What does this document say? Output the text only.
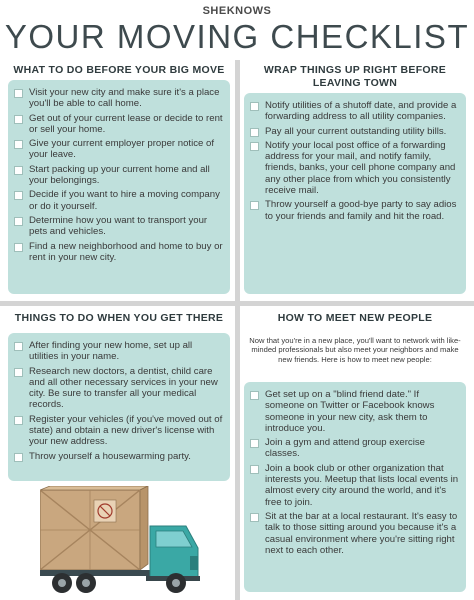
SHEKNOWS
YOUR MOVING CHECKLIST
WHAT TO DO BEFORE YOUR BIG MOVE
Visit your new city and make sure it's a place you'll be able to call home.
Get out of your current lease or decide to rent or sell your home.
Give your current employer proper notice of your leave.
Start packing up your current home and all your belongings.
Decide if you want to hire a moving company or do it yourself.
Determine how you want to transport your pets and vehicles.
Find a new neighborhood and home to buy or rent in your new city.
WRAP THINGS UP RIGHT BEFORE LEAVING TOWN
Notify utilities of a shutoff date, and provide a forwarding address to all utility companies.
Pay all your current outstanding utility bills.
Notify your local post office of a forwarding address for your mail, and notify family, friends, banks, your cell phone company and any other place from which you consistently receive mail.
Throw yourself a good-bye party to say adios to your friends and family and hit the road.
THINGS TO DO WHEN YOU GET THERE
After finding your new home, set up all utilities in your name.
Research new doctors, a dentist, child care and all other necessary services in your new city. Be sure to transfer all your medical records.
Register your vehicles (if you've moved out of state) and obtain a new driver's license with your new address.
Throw yourself a housewarming party.
HOW TO MEET NEW PEOPLE
Now that you're in a new place, you'll want to network with like-minded professionals but also meet your neighbors and make new friends. Here is how to meet new people:
Get set up on a "blind friend date." If someone on Twitter or Facebook knows someone in your new city, ask them to introduce you.
Join a gym and attend group exercise classes.
Join a book club or other organization that interests you. Meetup that lists local events in almost every city around the world, and it's free to join.
Sit at the bar at a local restaurant. It's easy to talk to those sitting around you because it's a casual environment where you're sitting right next to each other.
